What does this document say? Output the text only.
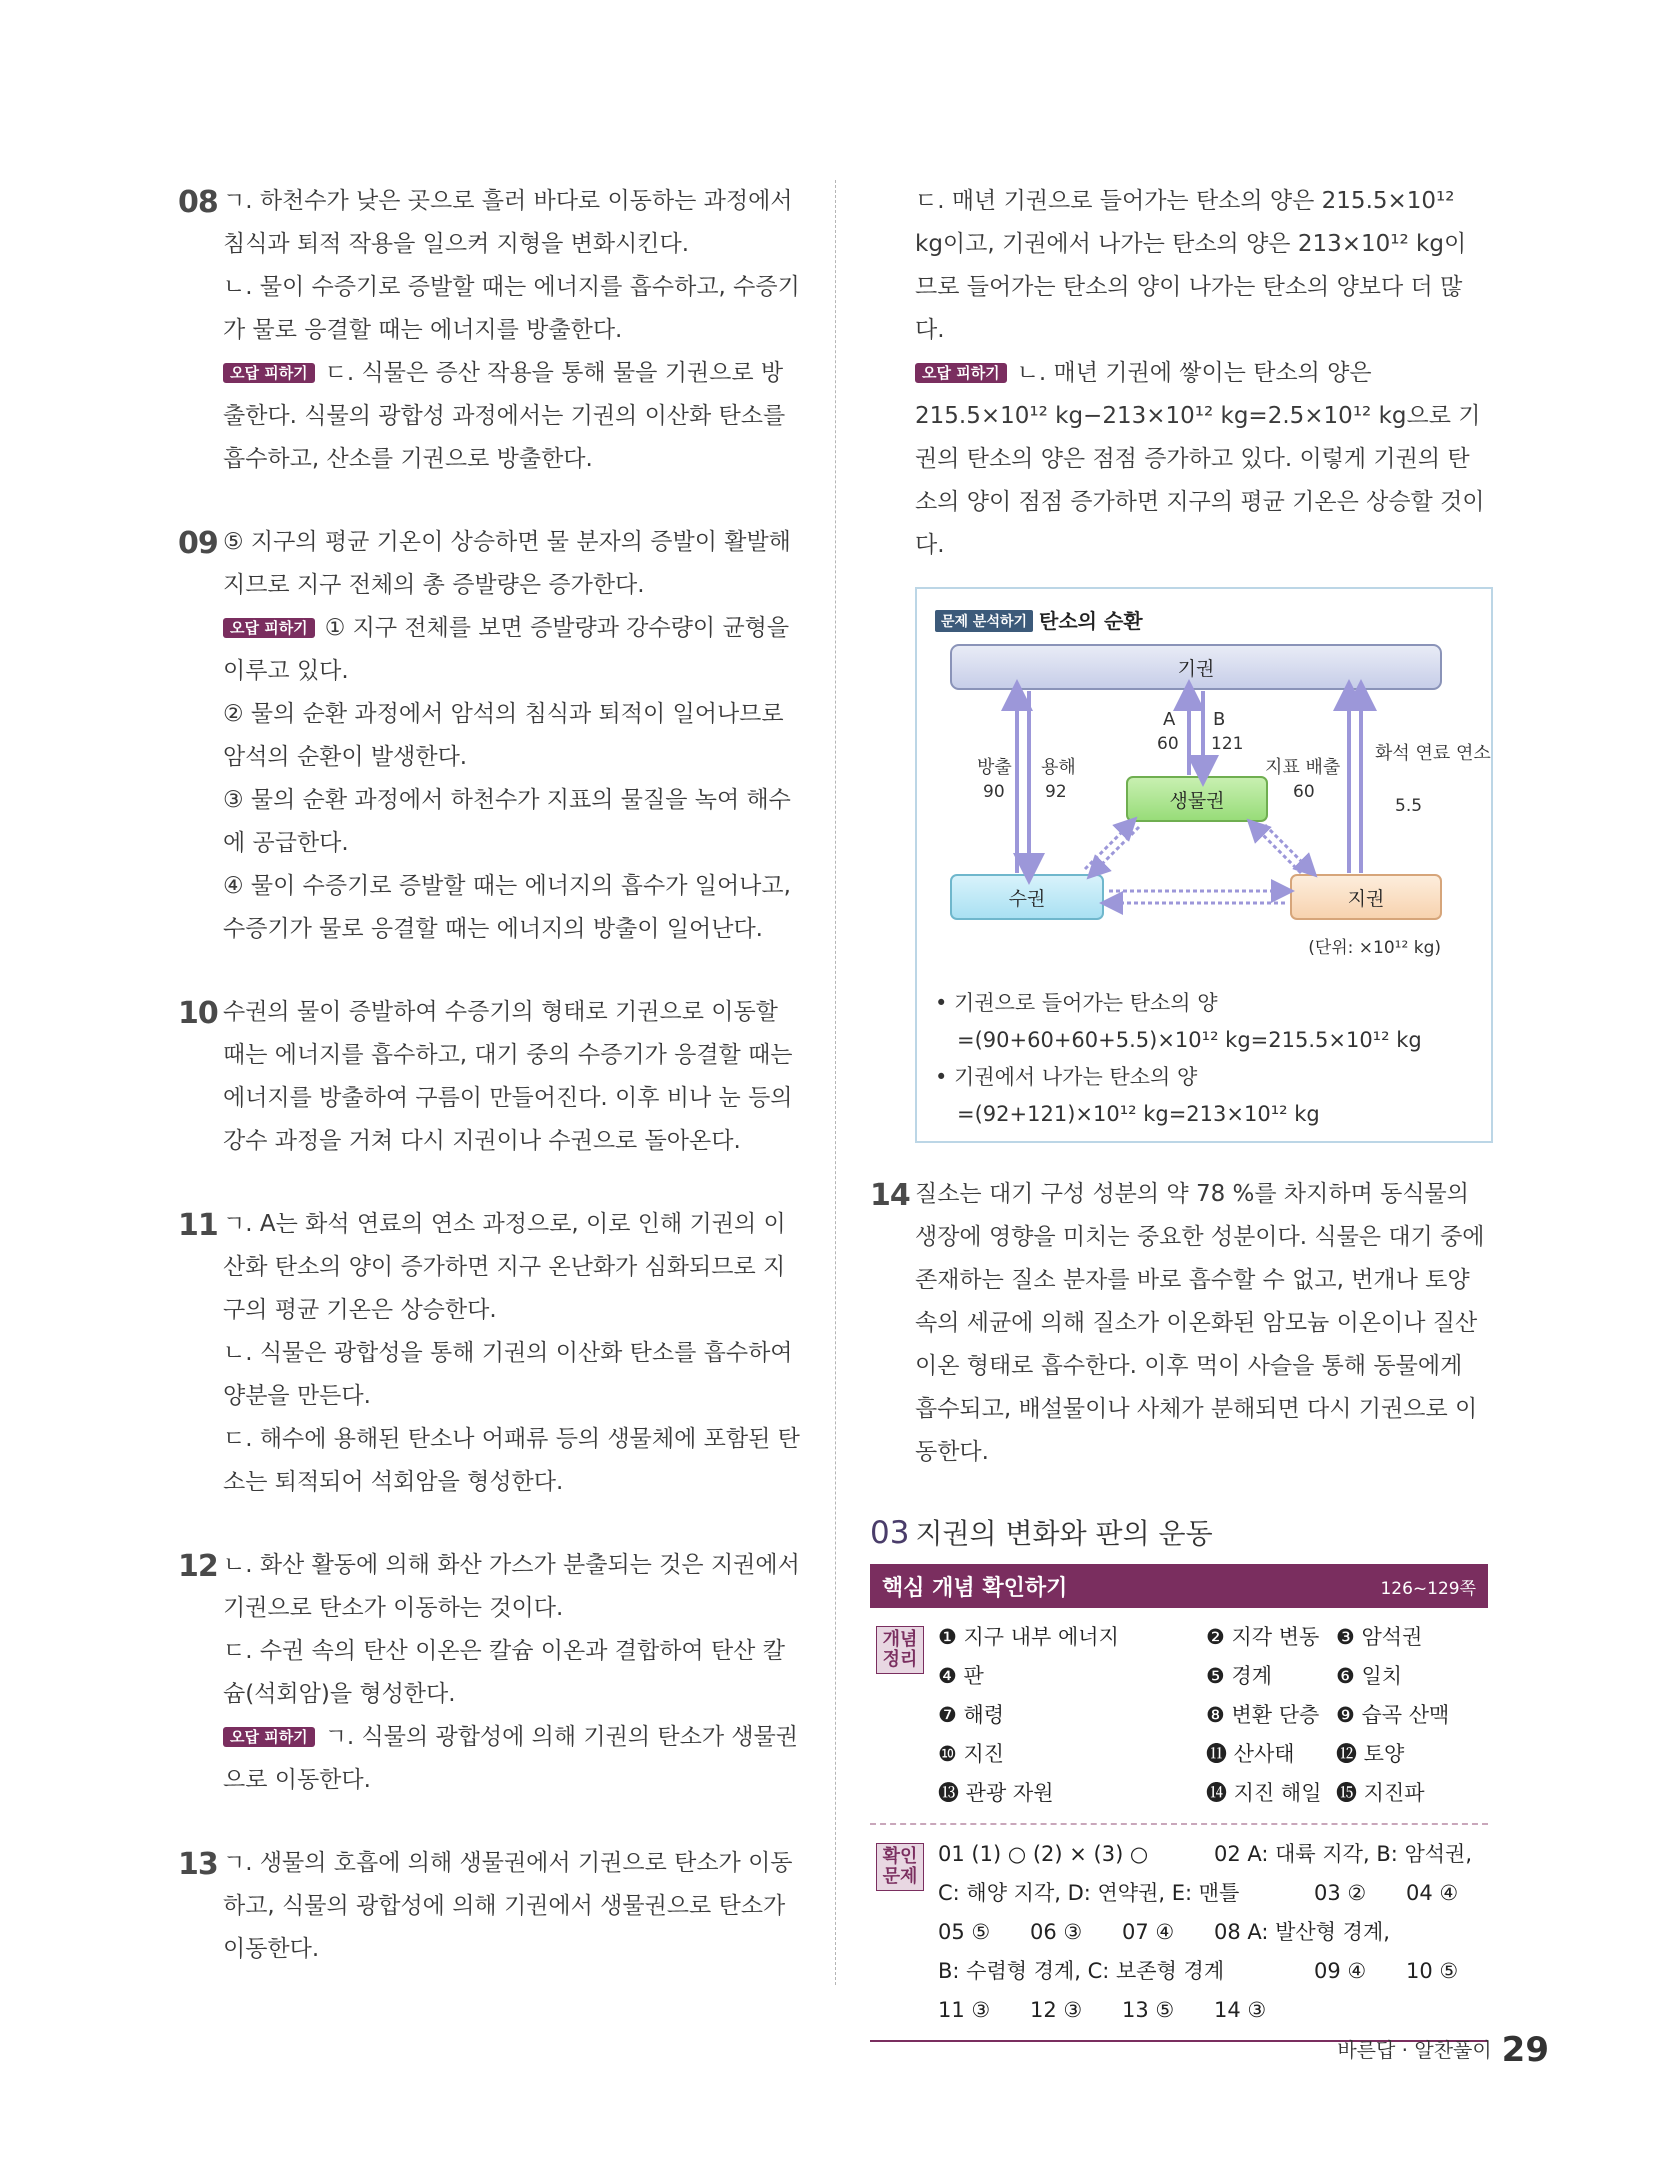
08 ㄱ. 하천수가 낮은 곳으로 흘러 바다로 이동하는 과정에서 침식과 퇴적 작용을 일으켜 지형을 변화시킨다.

ㄴ. 물이 수증기로 증발할 때는 에너지를 흡수하고, 수증기가 물로 응결할 때는 에너지를 방출한다.

오답 피하기 ㄷ. 식물은 증산 작용을 통해 물을 기권으로 방출한다. 식물의 광합성 과정에서는 기권의 이산화 탄소를 흡수하고, 산소를 기권으로 방출한다.

09 ⑤ 지구의 평균 기온이 상승하면 물 분자의 증발이 활발해지므로 지구 전체의 총 증발량은 증가한다.

오답 피하기 ① 지구 전체를 보면 증발량과 강수량이 균형을 이루고 있다.

② 물의 순환 과정에서 암석의 침식과 퇴적이 일어나므로 암석의 순환이 발생한다.

③ 물의 순환 과정에서 하천수가 지표의 물질을 녹여 해수에 공급한다.

④ 물이 수증기로 증발할 때는 에너지의 흡수가 일어나고, 수증기가 물로 응결할 때는 에너지의 방출이 일어난다.

10 수권의 물이 증발하여 수증기의 형태로 기권으로 이동할 때는 에너지를 흡수하고, 대기 중의 수증기가 응결할 때는 에너지를 방출하여 구름이 만들어진다. 이후 비나 눈 등의 강수 과정을 거쳐 다시 지권이나 수권으로 돌아온다.

11 ㄱ. A는 화석 연료의 연소 과정으로, 이로 인해 기권의 이산화 탄소의 양이 증가하면 지구 온난화가 심화되므로 지구의 평균 기온은 상승한다.

ㄴ. 식물은 광합성을 통해 기권의 이산화 탄소를 흡수하여 양분을 만든다.

ㄷ. 해수에 용해된 탄소나 어패류 등의 생물체에 포함된 탄소는 퇴적되어 석회암을 형성한다.

12 ㄴ. 화산 활동에 의해 화산 가스가 분출되는 것은 지권에서 기권으로 탄소가 이동하는 것이다.

ㄷ. 수권 속의 탄산 이온은 칼슘 이온과 결합하여 탄산 칼슘(석회암)을 형성한다.

오답 피하기 ㄱ. 식물의 광합성에 의해 기권의 탄소가 생물권으로 이동한다.

13 ㄱ. 생물의 호흡에 의해 생물권에서 기권으로 탄소가 이동하고, 식물의 광합성에 의해 기권에서 생물권으로 탄소가 이동한다.

ㄷ. 매년 기권으로 들어가는 탄소의 양은 215.5×10¹² kg이고, 기권에서 나가는 탄소의 양은 213×10¹² kg이므로 들어가는 탄소의 양이 나가는 탄소의 양보다 더 많다.

오답 피하기 ㄴ. 매년 기권에 쌓이는 탄소의 양은 215.5×10¹² kg−213×10¹² kg=2.5×10¹² kg으로 기권의 탄소의 양은 점점 증가하고 있다. 이렇게 기권의 탄소의 양이 점점 증가하면 지구의 평균 기온은 상승할 것이다.

문제 분석하기 탄소의 순환
기권
생물권
수권	지권
방출
90
용해
92
A
60
B
121
지표 배출
60
화석 연료 연소
5.5
(단위: ×10¹² kg)

• 기권으로 들어가는 탄소의 양

=(90+60+60+5.5)×10¹² kg=215.5×10¹² kg

• 기권에서 나가는 탄소의 양

=(92+121)×10¹² kg=213×10¹² kg

14 질소는 대기 구성 성분의 약 78 %를 차지하며 동식물의 생장에 영향을 미치는 중요한 성분이다. 식물은 대기 중에 존재하는 질소 분자를 바로 흡수할 수 없고, 번개나 토양 속의 세균에 의해 질소가 이온화된 암모늄 이온이나 질산 이온 형태로 흡수한다. 이후 먹이 사슬을 통해 동물에게 흡수되고, 배설물이나 사체가 분해되면 다시 기권으로 이동한다.

03 지권의 변화와 판의 운동
핵심 개념 확인하기	126~129쪽
개념 정리
❶ 지구 내부 에너지	❷ 지각 변동 ❸ 암석권
❹ 판	❺ 경계	❻ 일치
❼ 해령	❽ 변환 단층 ❾ 습곡 산맥
❿ 지진	⓫ 산사태	⓬ 토양
⓭ 관광 자원	⓮ 지진 해일 ⓯ 지진파
확인 문제
01 (1) ○ (2) × (3) ○	02 A: 대륙 지각, B: 암석권,
C: 해양 지각, D: 연약권, E: 맨틀	03 ②	04 ④
05 ⑤	06 ③	07 ④	08 A: 발산형 경계,
B: 수렴형 경계, C: 보존형 경계	09 ④	10 ⑤
11 ③	12 ③	13 ⑤	14 ③
바른답 · 알찬풀이 29
